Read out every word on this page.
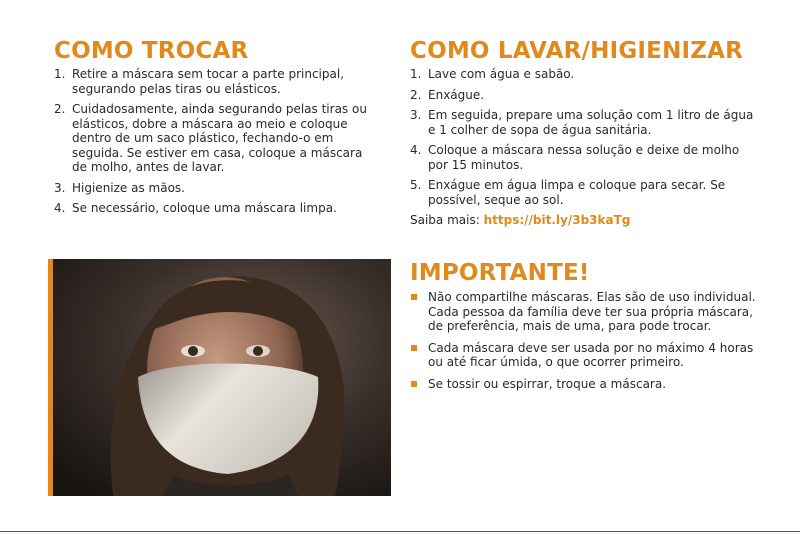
COMO TROCAR
1. Retire a máscara sem tocar a parte principal, segurando pelas tiras ou elásticos.
2. Cuidadosamente, ainda segurando pelas tiras ou elásticos, dobre a máscara ao meio e coloque dentro de um saco plástico, fechando-o em seguida. Se estiver em casa, coloque a máscara de molho, antes de lavar.
3. Higienize as mãos.
4. Se necessário, coloque uma máscara limpa.
COMO LAVAR/HIGIENIZAR
1. Lave com água e sabão.
2. Enxágue.
3. Em seguida, prepare uma solução com 1 litro de água e 1 colher de sopa de água sanitária.
4. Coloque a máscara nessa solução e deixe de molho por 15 minutos.
5. Enxágue em água limpa e coloque para secar. Se possível, seque ao sol.
Saiba mais: https://bit.ly/3b3kaTg
IMPORTANTE!
Não compartilhe máscaras. Elas são de uso individual. Cada pessoa da família deve ter sua própria máscara, de preferência, mais de uma, para pode trocar.
Cada máscara deve ser usada por no máximo 4 horas ou até ficar úmida, o que ocorrer primeiro.
Se tossir ou espirrar, troque a máscara.
